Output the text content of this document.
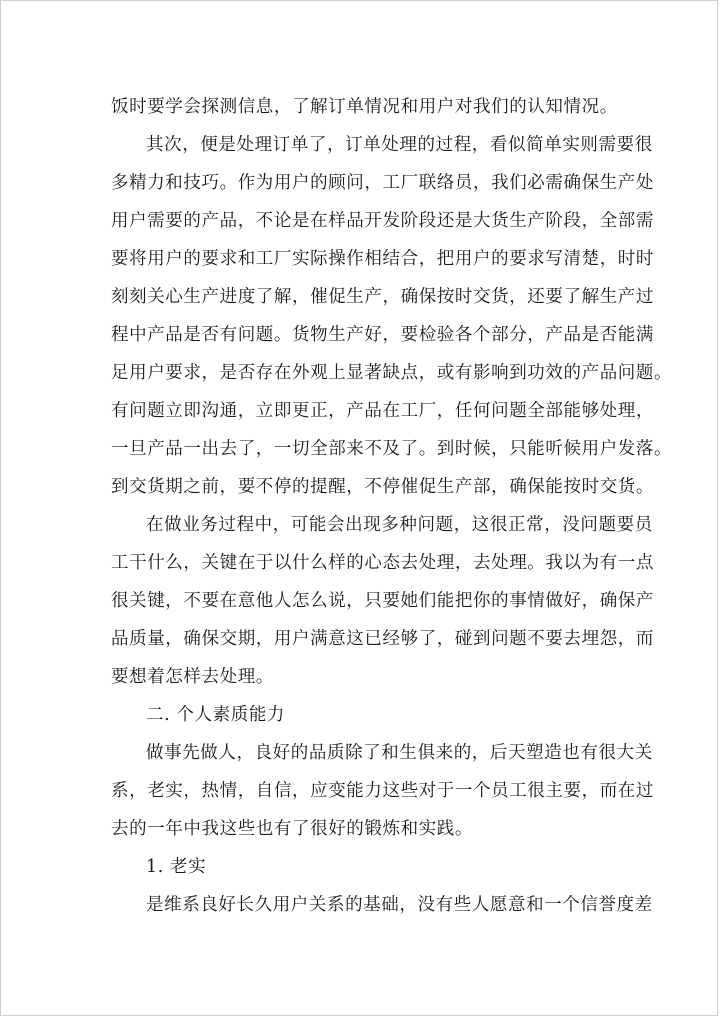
饭时要学会探测信息，了解订单情况和用户对我们的认知情况。
其次，便是处理订单了，订单处理的过程，看似简单实则需要很
多精力和技巧。作为用户的顾问，工厂联络员，我们必需确保生产处
用户需要的产品，不论是在样品开发阶段还是大货生产阶段，全部需
要将用户的要求和工厂实际操作相结合，把用户的要求写清楚，时时
刻刻关心生产进度了解，催促生产，确保按时交货，还要了解生产过
程中产品是否有问题。货物生产好，要检验各个部分，产品是否能满
足用户要求，是否存在外观上显著缺点，或有影响到功效的产品问题。
有问题立即沟通，立即更正，产品在工厂，任何问题全部能够处理，
一旦产品一出去了，一切全部来不及了。到时候，只能听候用户发落。
到交货期之前，要不停的提醒，不停催促生产部，确保能按时交货。
在做业务过程中，可能会出现多种问题，这很正常，没问题要员
工干什么，关键在于以什么样的心态去处理，去处理。我以为有一点
很关键，不要在意他人怎么说，只要她们能把你的事情做好，确保产
品质量，确保交期，用户满意这已经够了，碰到问题不要去埋怨，而
要想着怎样去处理。
二. 个人素质能力
做事先做人，良好的品质除了和生俱来的，后天塑造也有很大关
系，老实，热情，自信，应变能力这些对于一个员工很主要，而在过
去的一年中我这些也有了很好的锻炼和实践。
1. 老实
是维系良好长久用户关系的基础，没有些人愿意和一个信誉度差
